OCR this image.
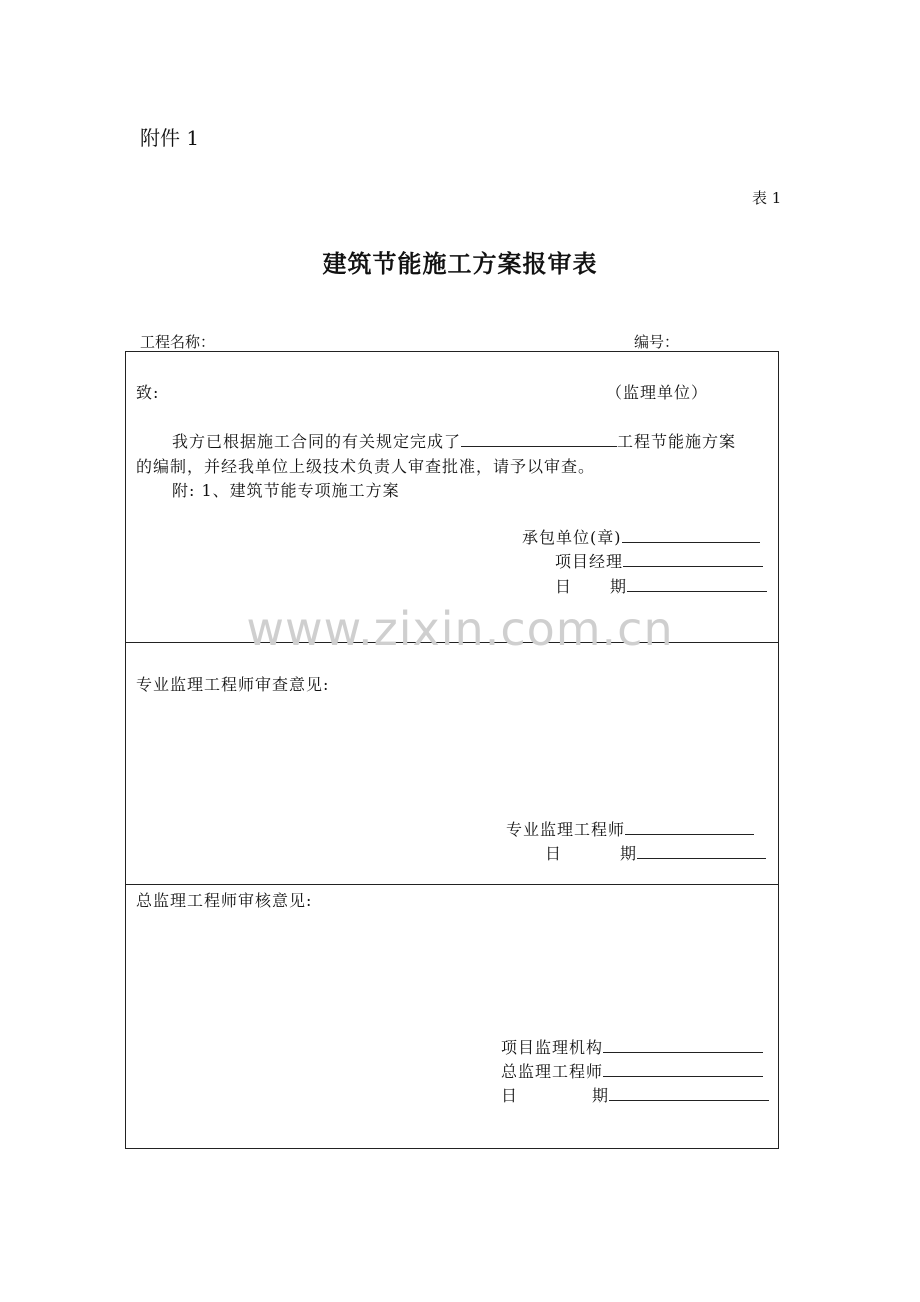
附件 1
表 1
建筑节能施工方案报审表
工程名称：	编号：
致:	（监理单位）
我方已根据施工合同的有关规定完成了	工程节能施方案
的编制，并经我单位上级技术负责人审查批准，请予以审查。
附: 1、建筑节能专项施工方案
承包单位(章)
项目经理
日 期
专业监理工程师审查意见:
专业监理工程师
日	期
总监理工程师审核意见:
项目监理机构
总监理工程师
日	期
www.zixin.com.cn
